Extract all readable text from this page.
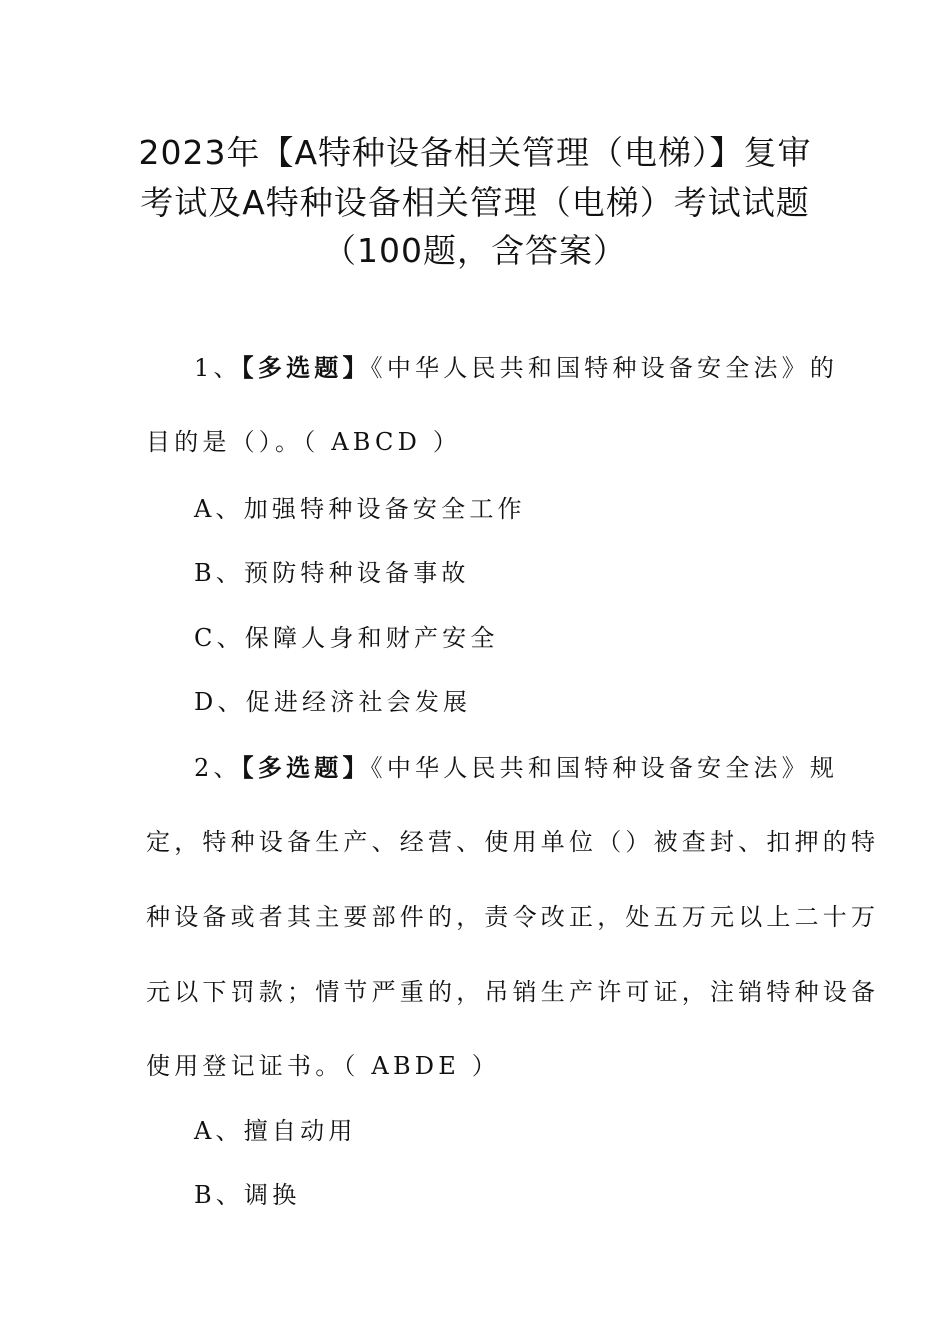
2023年【A特种设备相关管理（电梯）】复审
考试及A特种设备相关管理（电梯）考试试题
（100题，含答案）
1、【多选题】《中华人民共和国特种设备安全法》的
目的是（）。（ ABCD ）
A、加强特种设备安全工作
B、预防特种设备事故
C、保障人身和财产安全
D、促进经济社会发展
2、【多选题】《中华人民共和国特种设备安全法》规
定，特种设备生产、经营、使用单位（）被查封、扣押的特
种设备或者其主要部件的，责令改正，处五万元以上二十万
元以下罚款；情节严重的，吊销生产许可证，注销特种设备
使用登记证书。（ ABDE ）
A、擅自动用
B、调换
